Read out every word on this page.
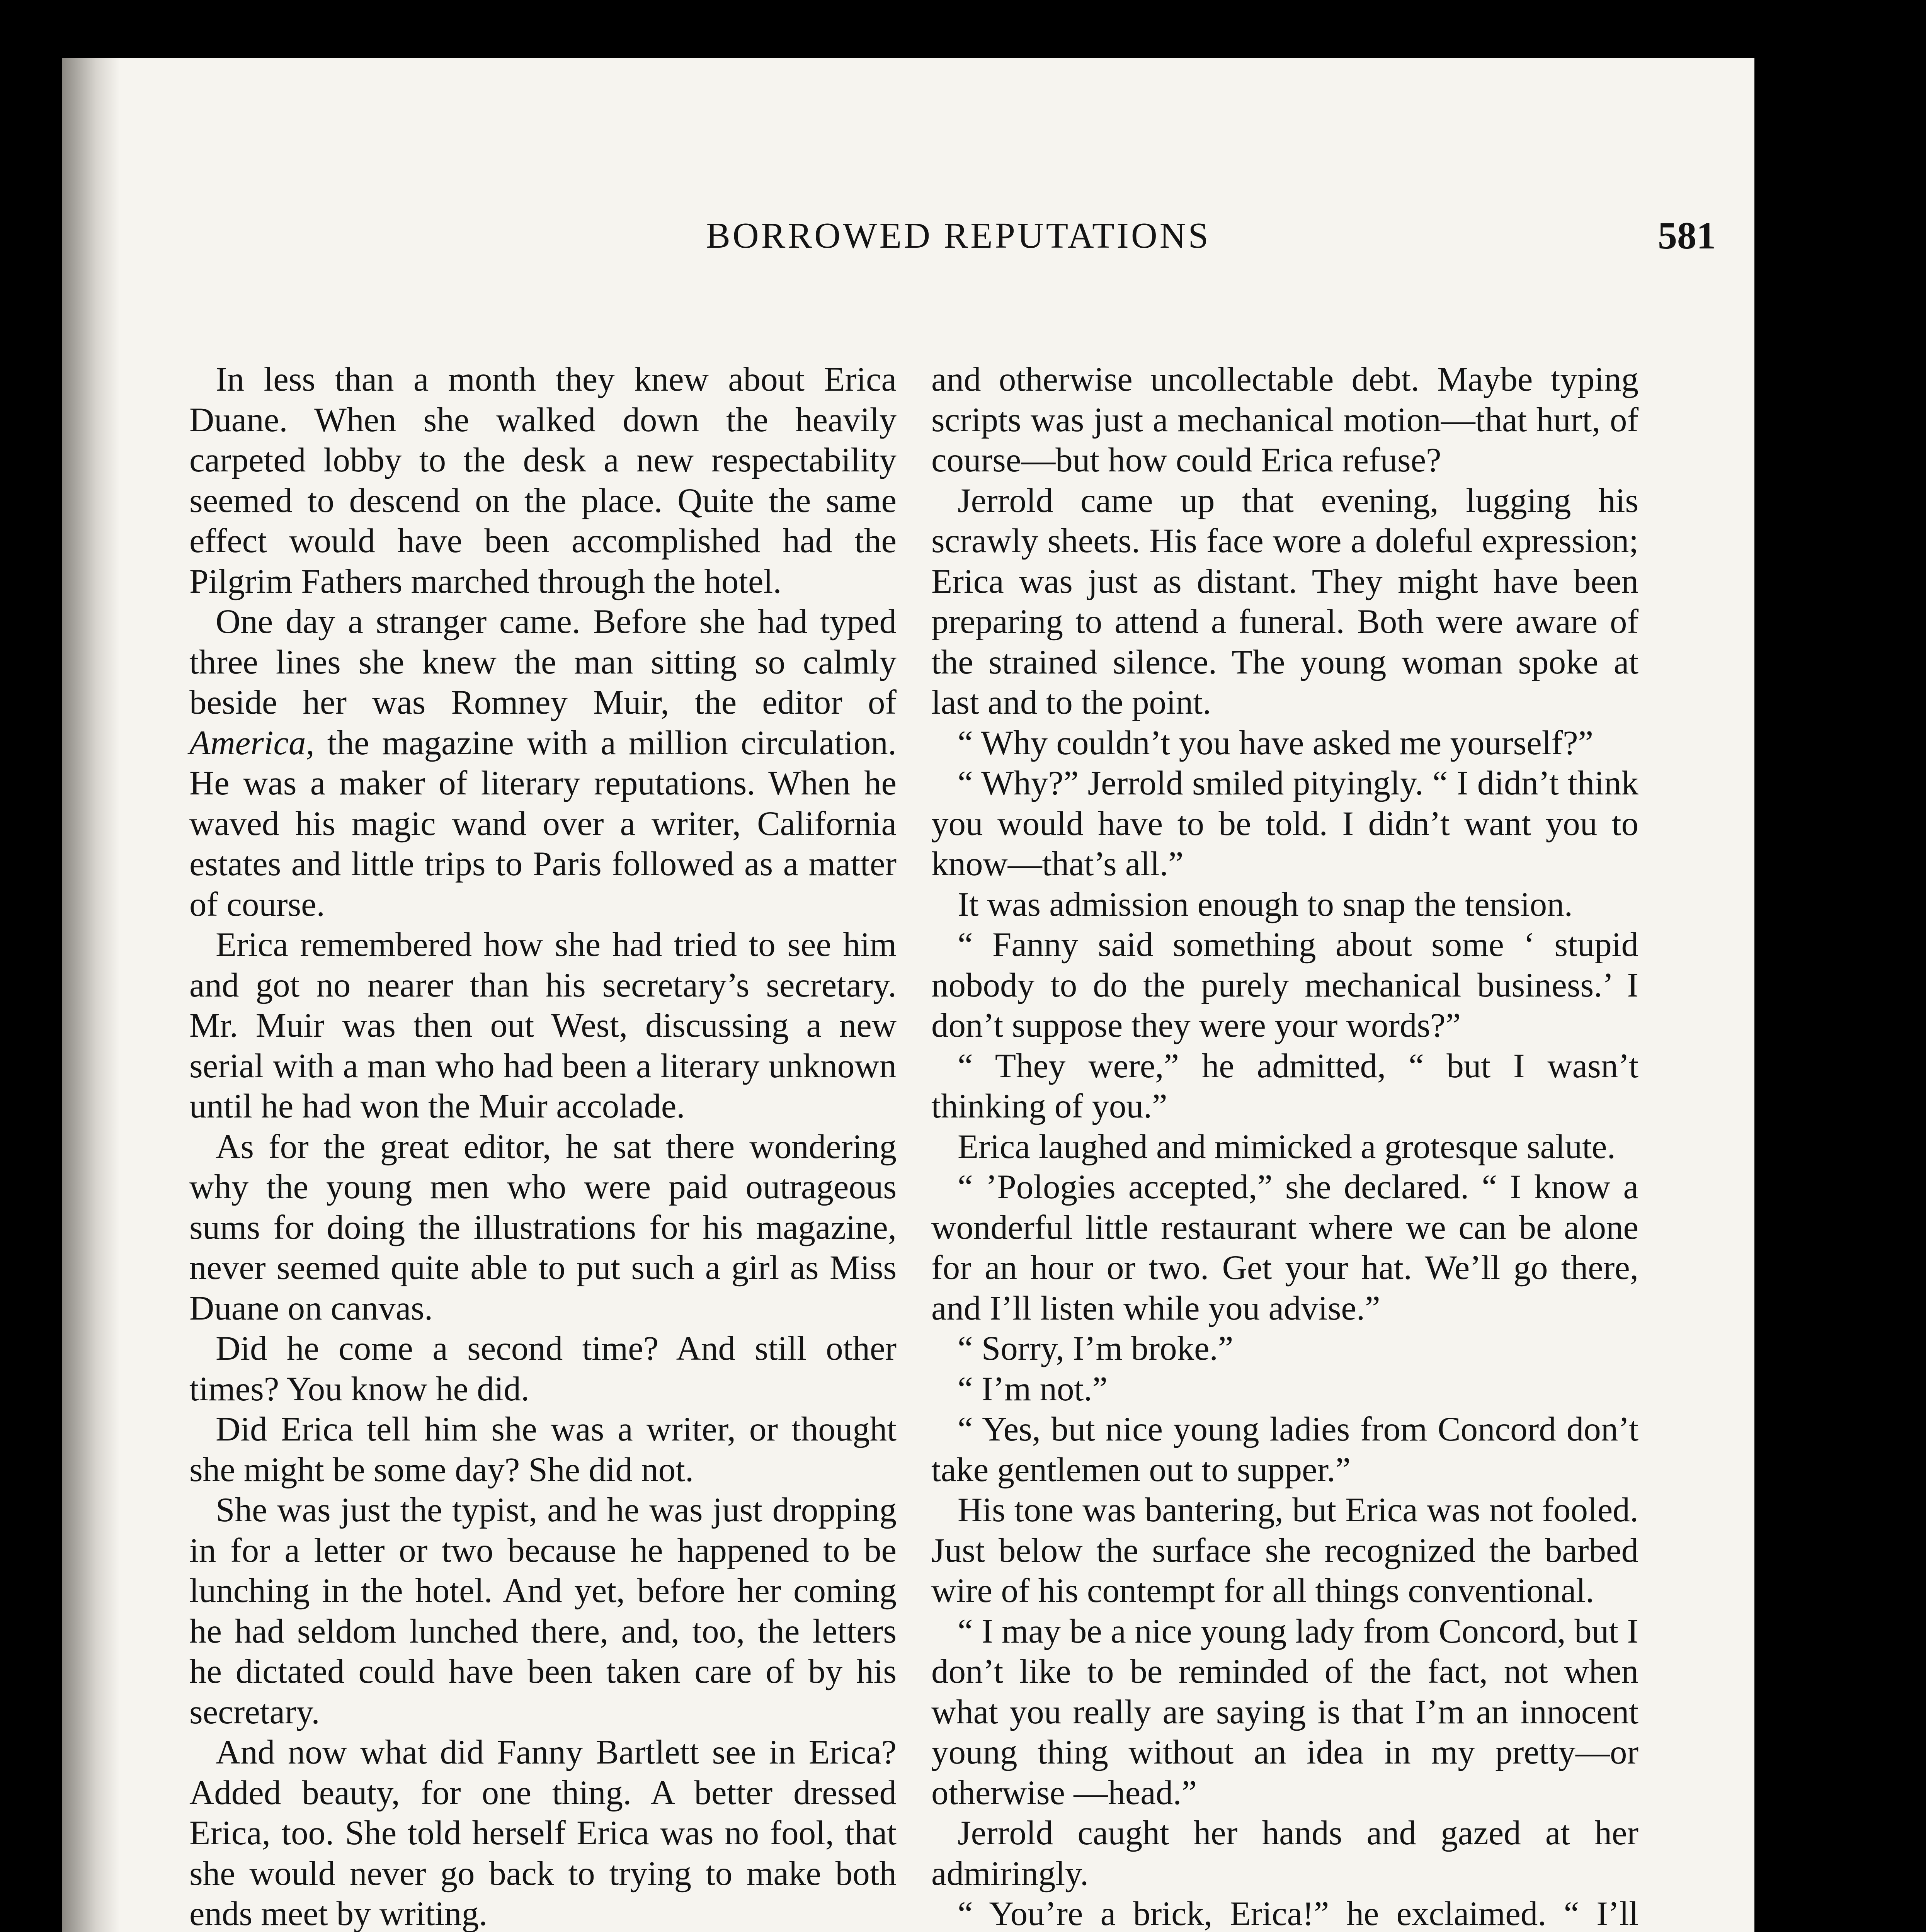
BORROWED REPUTATIONS	581

In less than a month they knew about Erica Duane. When she walked down the heavily carpeted lobby to the desk a new respectability seemed to descend on the place. Quite the same effect would have been accomplished had the Pilgrim Fathers marched through the hotel.

One day a stranger came. Before she had typed three lines she knew the man sitting so calmly beside her was Romney Muir, the editor of America, the magazine with a million circulation. He was a maker of literary reputations. When he waved his magic wand over a writer, California estates and little trips to Paris followed as a matter of course.

Erica remembered how she had tried to see him and got no nearer than his secretary’s secretary. Mr. Muir was then out West, discussing a new serial with a man who had been a literary unknown until he had won the Muir accolade.

As for the great editor, he sat there wondering why the young men who were paid outrageous sums for doing the illustrations for his magazine, never seemed quite able to put such a girl as Miss Duane on canvas.

Did he come a second time? And still other times? You know he did.

Did Erica tell him she was a writer, or thought she might be some day? She did not.

She was just the typist, and he was just dropping in for a letter or two because he happened to be lunching in the hotel. And yet, before her coming he had seldom lunched there, and, too, the letters he dictated could have been taken care of by his secretary.

And now what did Fanny Bartlett see in Erica? Added beauty, for one thing. A better dressed Erica, too. She told herself Erica was no fool, that she would never go back to trying to make both ends meet by writing.

and otherwise uncollectable debt. Maybe typing scripts was just a mechanical motion—that hurt, of course—but how could Erica refuse?

Jerrold came up that evening, lugging his scrawly sheets. His face wore a doleful expression; Erica was just as distant. They might have been preparing to attend a funeral. Both were aware of the strained silence. The young woman spoke at last and to the point.

“ Why couldn’t you have asked me yourself?”

“ Why?” Jerrold smiled pityingly. “ I didn’t think you would have to be told. I didn’t want you to know—that’s all.”

It was admission enough to snap the tension.

“ Fanny said something about some ‘ stupid nobody to do the purely mechanical business.’ I don’t suppose they were your words?”

“ They were,” he admitted, “ but I wasn’t thinking of you.”

Erica laughed and mimicked a grotesque salute.

“ ’Pologies accepted,” she declared. “ I know a wonderful little restaurant where we can be alone for an hour or two. Get your hat. We’ll go there, and I’ll listen while you advise.”

“ Sorry, I’m broke.”

“ I’m not.”

“ Yes, but nice young ladies from Concord don’t take gentlemen out to supper.”

His tone was bantering, but Erica was not fooled. Just below the surface she recognized the barbed wire of his contempt for all things conventional.

“ I may be a nice young lady from Concord, but I don’t like to be reminded of the fact, not when what you really are saying is that I’m an innocent young thing without an idea in my pretty—or otherwise —head.”

Jerrold caught her hands and gazed at her admiringly.

“ You’re a brick, Erica!” he exclaimed. “ I’ll
